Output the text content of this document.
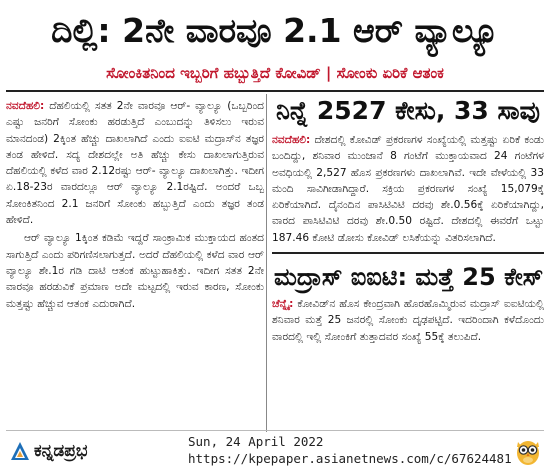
ದಿಲ್ಲಿ: 2ನೇ ವಾರವೂ 2.1 ಆರ್ ವ್ಯಾಲ್ಯೂ
ಸೋಂಕಿತನಿಂದ ಇಬ್ಬರಿಗೆ ಹಬ್ಬುತ್ತಿದೆ ಕೋವಿಡ್ | ಸೋಂಕು ಏರಿಕೆ ಆತಂಕ

ನವದೆಹಲಿ: ದೆಹಲಿಯಲ್ಲಿ ಸತತ 2ನೇ ವಾರವೂ ಆರ್- ವ್ಯಾಲ್ಯೂ (ಒಬ್ಬರಿಂದ ಎಷ್ಟು ಜನರಿಗೆ ಸೋಂಕು ಹರಡುತ್ತಿದೆ ಎಂಬುದನ್ನು ತಿಳಿಸಲು ಇರುವ ಮಾನದಂಡ) 2ಕ್ಕಿಂತ ಹೆಚ್ಚು ದಾಖಲಾಗಿದೆ ಎಂದು ಐಐಟಿ ಮದ್ರಾಸ್‌ನ ತಜ್ಞರ ತಂಡ ಹೇಳಿದೆ. ಸದ್ಯ ದೇಶದಲ್ಲೇ ಅತಿ ಹೆಚ್ಚು ಕೇಸು ದಾಖಲಾಗುತ್ತಿರುವ ದೆಹಲಿಯಲ್ಲಿ ಕಳೆದ ವಾರ 2.12ರಷ್ಟು ಆರ್- ವ್ಯಾಲ್ಯೂ ದಾಖಲಾಗಿತ್ತು. ಇದೀಗ ಏ.18-23ರ ವಾರದಲ್ಲೂ ಆರ್ ವ್ಯಾಲ್ಯೂ 2.1ರಷ್ಟಿದೆ. ಅಂದರೆ ಒಬ್ಬ ಸೋಂಕಿತನಿಂದ 2.1 ಜನರಿಗೆ ಸೋಂಕು ಹಬ್ಬುತ್ತಿದೆ ಎಂದು ತಜ್ಞರ ತಂಡ ಹೇಳಿದೆ.

ಆರ್ ವ್ಯಾಲ್ಯೂ 1ಕ್ಕಿಂತ ಕಡಿಮೆ ಇದ್ದರೆ ಸಾಂಕ್ರಾಮಿಕ ಮುಕ್ತಾಯದ ಹಂತದ ಸಾಗುತ್ತಿದೆ ಎಂದು ಪರಿಗಣಿಸಲಾಗುತ್ತದೆ. ಅದರೆ ದೆಹಲಿಯಲ್ಲಿ ಕಳೆದ ವಾರ ಆರ್ ವ್ಯಾಲ್ಯೂ ಶೇ.1ರ ಗಡಿ ದಾಟಿ ಆತಂಕ ಹುಟ್ಟುಹಾಕಿತ್ತು. ಇದೀಗ ಸತತ 2ನೇ ವಾರವೂ ಹರಡುವಿಕೆ ಪ್ರಮಾಣ ಅದೇ ಮಟ್ಟದಲ್ಲಿ ಇರುವ ಕಾರಣ, ಸೋಂಕು ಮತ್ತಷ್ಟು ಹೆಚ್ಚುವ ಆತಂಕ ಎದುರಾಗಿದೆ.

ನಿನ್ನೆ 2527 ಕೇಸು, 33 ಸಾವು

ನವದೆಹಲಿ: ದೇಶದಲ್ಲಿ ಕೋವಿಡ್ ಪ್ರಕರಣಗಳ ಸಂಖ್ಯೆಯಲ್ಲಿ ಮತ್ತಷ್ಟು ಏರಿಕೆ ಕಂಡು ಬಂದಿದ್ದು, ಶನಿವಾರ ಮುಂಜಾನೆ 8 ಗಂಟೆಗೆ ಮುಕ್ತಾಯವಾದ 24 ಗಂಟೆಗಳ ಅವಧಿಯಲ್ಲಿ 2,527 ಹೊಸ ಪ್ರಕರಣಗಳು ದಾಖಲಾಗಿವೆ. ಇದೇ ವೇಳೆಯಲ್ಲಿ 33 ಮಂದಿ ಸಾವಿಗೀಡಾಗಿದ್ದಾರೆ. ಸಕ್ರಿಯ ಪ್ರಕರಣಗಳ ಸಂಖ್ಯೆ 15,079ಕ್ಕೆ ಏರಿಕೆಯಾಗಿದೆ. ದೈನಂದಿನ ಪಾಸಿಟಿವಿಟಿ ದರವು ಶೇ.0.56ಕ್ಕೆ ಏರಿಕೆಯಾಗಿದ್ದು, ವಾರದ ಪಾಸಿಟಿವಿಟಿ ದರವು ಶೇ.0.50 ರಷ್ಟಿದೆ. ದೇಶದಲ್ಲಿ ಈವರೆಗೆ ಒಟ್ಟು 187.46 ಕೋಟಿ ಡೋಸು ಕೋವಿಡ್ ಲಸಿಕೆಯನ್ನು ವಿತರಿಸಲಾಗಿದೆ.

ಮದ್ರಾಸ್ ಐಐಟಿ: ಮತ್ತೆ 25 ಕೇಸ್

ಚೆನ್ನೈ: ಕೋವಿಡ್‌ನ ಹೊಸ ಕೇಂದ್ರವಾಗಿ ಹೊರಹೊಮ್ಮಿರುವ ಮದ್ರಾಸ್ ಐಐಟಿಯಲ್ಲಿ ಶನಿವಾರ ಮತ್ತೆ 25 ಜನರಲ್ಲಿ ಸೋಂಕು ದೃಢಪಟ್ಟಿದೆ. ಇದರಿಂದಾಗಿ ಕಳೆದೊಂದು ವಾರದಲ್ಲಿ ಇಲ್ಲಿ ಸೋಂಕಿಗೆ ತುತ್ತಾದವರ ಸಂಖ್ಯೆ 55ಕ್ಕೆ ತಲುಪಿದೆ.

ಕನ್ನಡಪ್ರಭ	Sun, 24 April 2022
https://kpepaper.asianetnews.com/c/67624481
